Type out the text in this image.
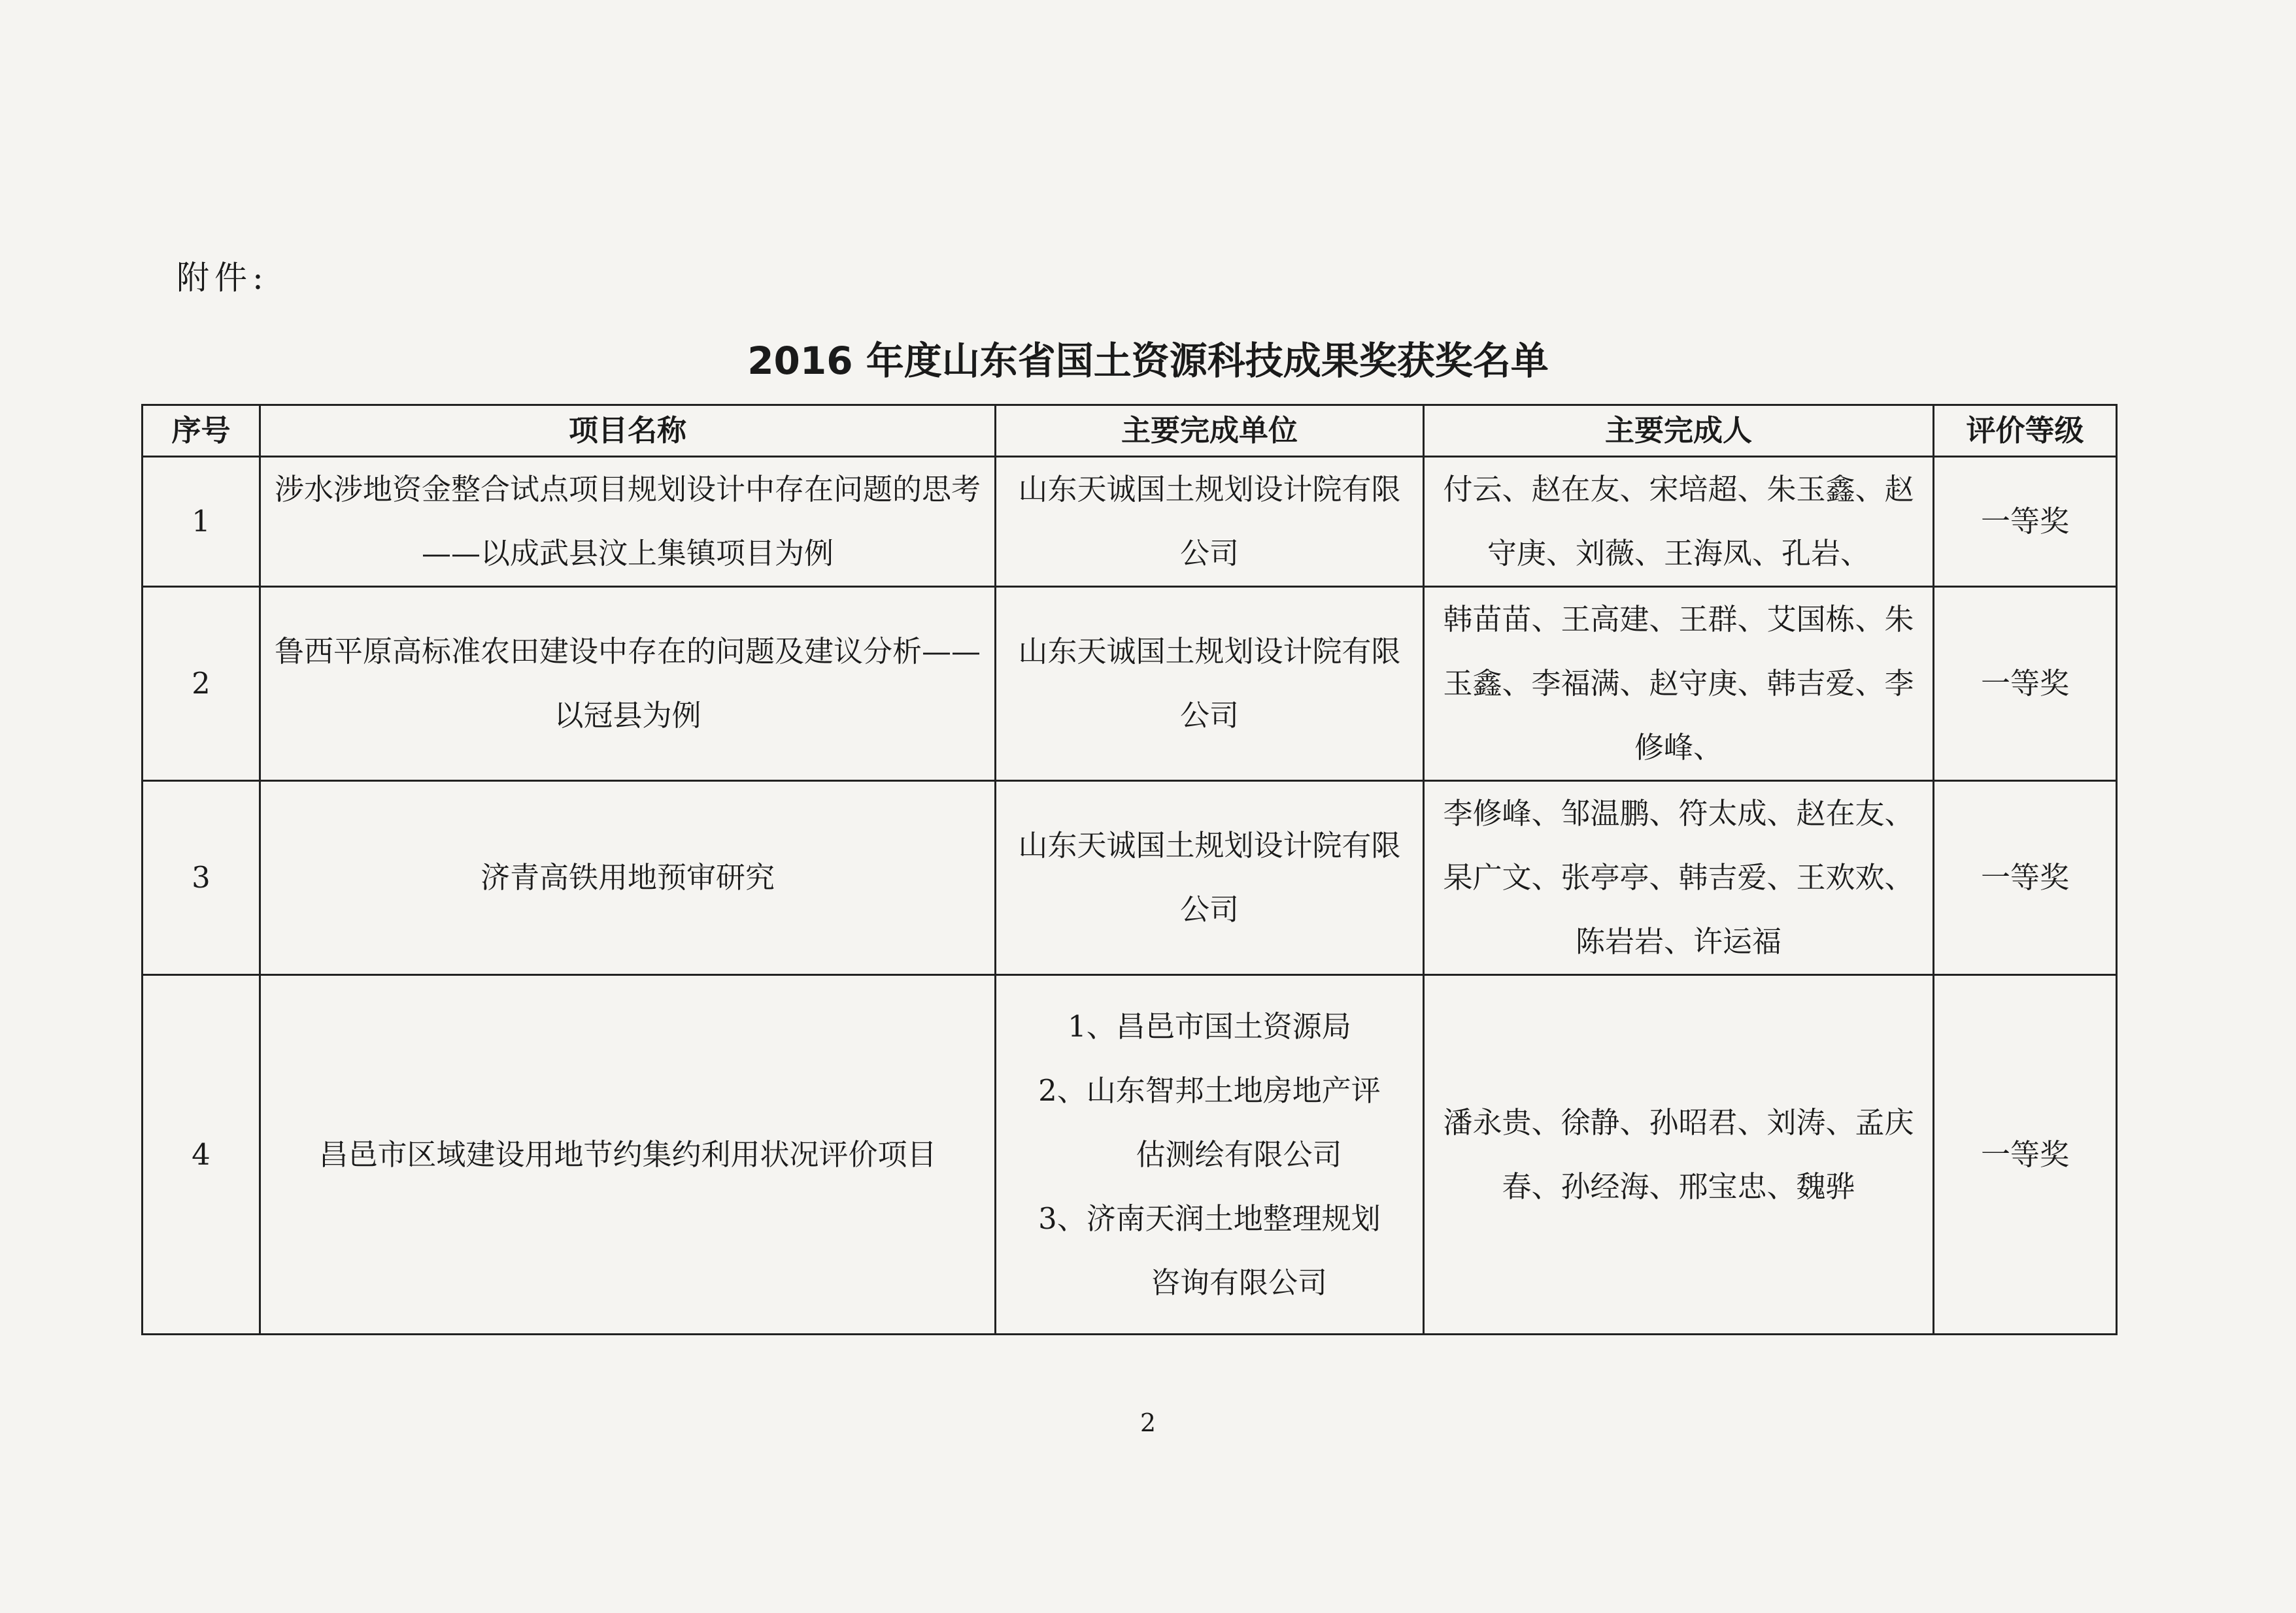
附件:
2016 年度山东省国土资源科技成果奖获奖名单
序号	项目名称	主要完成单位	主要完成人	评价等级
1	涉水涉地资金整合试点项目规划设计中存在问题的思考——以成武县汶上集镇项目为例	山东天诚国土规划设计院有限公司	付云、赵在友、宋培超、朱玉鑫、赵守庚、刘薇、王海凤、孔岩、	一等奖
2	鲁西平原高标准农田建设中存在的问题及建议分析——以冠县为例	山东天诚国土规划设计院有限公司	韩苗苗、王高建、王群、艾国栋、朱玉鑫、李福满、赵守庚、韩吉爱、李修峰、	一等奖
3	济青高铁用地预审研究	山东天诚国土规划设计院有限公司	李修峰、邹温鹏、符太成、赵在友、杲广文、张亭亭、韩吉爱、王欢欢、陈岩岩、许运福	一等奖
4	昌邑市区域建设用地节约集约利用状况评价项目	1、昌邑市国土资源局
2、山东智邦土地房地产评
估测绘有限公司
3、济南天润土地整理规划
咨询有限公司	潘永贵、徐静、孙昭君、刘涛、孟庆春、孙经海、邢宝忠、魏骅	一等奖
2
